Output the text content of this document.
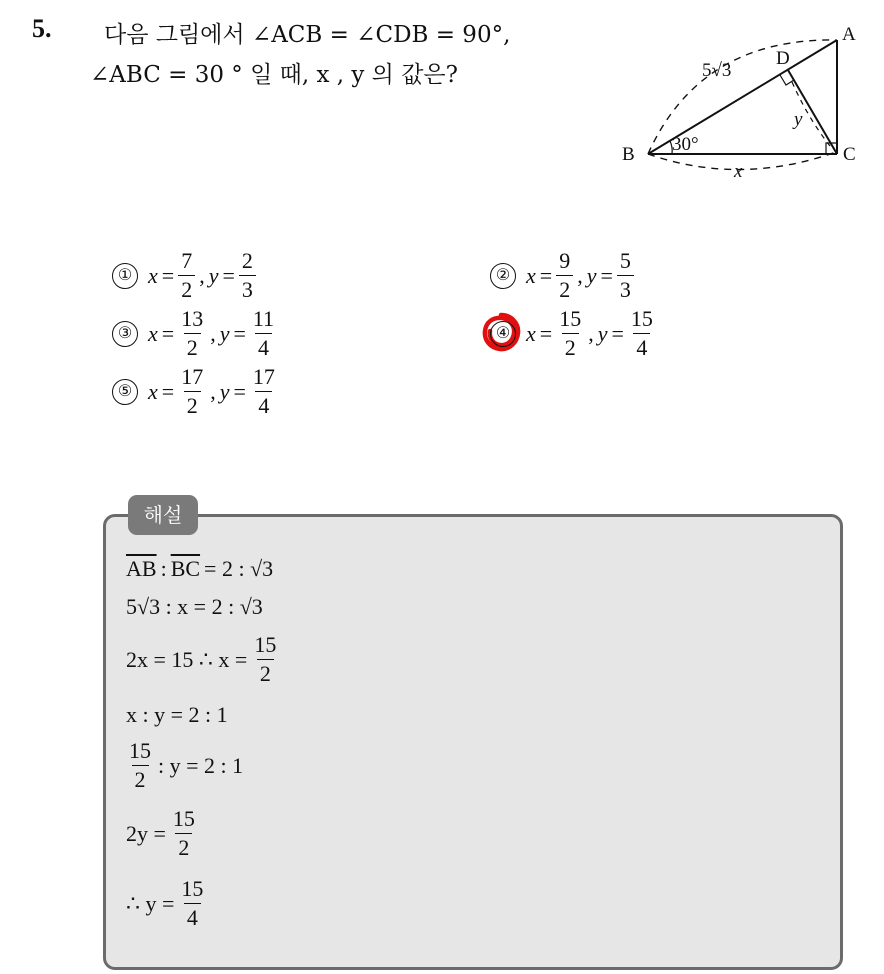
5. 다음 그림에서 ∠ACB = ∠CDB = 90°,
∠ABC = 30 ° 일 때, x , y 의 값은?
A
B	C
D
5√3
30°
x
y
① $x = \frac{7}{2}$ , $y = \frac{2}{3}$	② $x = \frac{9}{2}$ , $y = \frac{5}{3}$
③ $x = \frac{13}{2}$ , $y = \frac{11}{4}$	④ $x = \frac{15}{2}$ , $y = \frac{15}{4}$
⑤ $x = \frac{17}{2}$ , $y = \frac{17}{4}$
해설
$\overline{AB}$ : $\overline{BC} = 2$ : √3
5√3 : x = 2 : √3
2x = 15 ∴ $x = \frac{15}{2}$
x : y = 2 : 1
$\frac{15}{2}$ : y = 2 : 1
$2y = \frac{15}{2}$
∴ $y = \frac{15}{4}$
